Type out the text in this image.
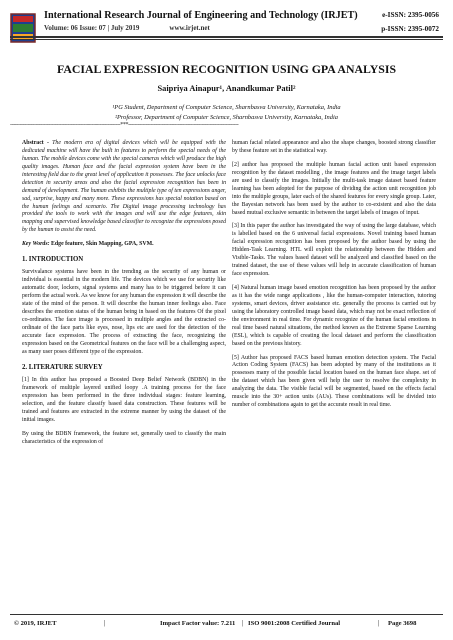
International Research Journal of Engineering and Technology (IRJET)
Volume: 06 Issue: 07 | July 2019	www.irjet.net
e-ISSN: 2395-0056
p-ISSN: 2395-0072
FACIAL EXPRESSION RECOGNITION USING GPA ANALYSIS
Saipriya Ainapur¹, Anandkumar Patil²
¹PG Student, Department of Computer Science, Sharnbasva University, Karnataka, India
²Professor, Department of Computer Science, Sharnbasva University, Karnataka, India
---------------------------------------------------------------------***---------------------------------------------------------------------

Abstract - The modern era of digital devices which will be equipped with the dedicated machine will have the built in features to perform the special needs of the human. The mobile devices come with the special cameras which will produce the high quality images. Human face and the facial expression system have been in the interesting field due to the great level of application it possesses. The face unlocks face detection in security areas and also the facial expression recognition has been in demand of development. The human exhibits the multiple type of ten expressions anger, sad, surprise, happy and many more. These expressions has special notation based on the human feelings and scenario. The Digital image processing technology has provided the tools to work with the images and will use the edge features, skin mapping and supervised knowledge based classifier to recognize the expressions posed by the human to assist the need.

Key Words: Edge feature, Skin Mapping, GPA, SVM.

1. INTRODUCTION

Survivalance systems have been in the trending as the security of any human or individual is essential in the modern life. The devices which we use for security like automatic door, lockers, signal systems and many has to be triggered before it can perform the actual work. As we know for any human the expression it will describe the state of the mind of the person. It will describe the human inner feelings also. Face describes the emotion status of the human being in based on the features Of the pixel co-ordinates. The face image is processed in multiple angles and the extracted co-ordinate of the face parts like eyes, nose, lips etc are used for the detection of the accurate face expression. The process of extracting the face, recognizing the expression based on the Geometrical features on the face will be a challenging aspect, as many user poses different type of the expression.

2. LITERATURE SURVEY

[1] In this author has proposed a Boosted Deep Belief Network (BDBN) in the framework of multiple layered unified loopy .A training process for the face expression has been performed in the three individual stages: feature learning, selection, and the feature classify based data construction. These features will be trained and features are extracted in the extreme manner by using the dataset of the initial images.

By using the BDBN framework, the feature set, generally used to classify the main characteristics of the expression of

human facial related appearance and also the shape changes, boosted strong classifier by these feature set in the statistical way.

[2] author has proposed the multiple human facial action unit based expression recognition by the dataset modelling , the image features and the image target labels are used to classify the images. Initially the multi-task image dataset based feature learning has been adopted for the purpose of dividing the action unit recognition job into the multiple groups, later each of the shared features for every single group. Later, the Bayesian network has been used by the author to co-existent and also the data based mutual exclusive semantic in between the target labels of images of input.

[3] In this paper the author has investigated the way of using the large database, which is labelled based on the 6 universal facial expressions. Novel training based human facial expression recognition has been proposed by the author based by using the Hidden-Task Learning. HTL will exploit the relationship between the Hidden and Visible-Tasks. The values based dataset will be analyzed and classified based on the trained dataset, the use of these values will help in accurate classification of human face expression.

[4] Natural human image based emotion recognition has been proposed by the author as it has the wide range applications , like the human-computer interaction, tutoring systems, smart devices, driver assistance etc. generally the process is carried out by using the laboratory controlled image based data, which may not be exact reflection of the environment in real time. For dynamic recognize of the human facial emotions in real time based natural situations, the method known as the Extreme Sparse Learning (ESL), which is capable of creating the local dataset and perform the classification based on the previous history.

[5] Author has proposed FACS based human emotion detection system. The Facial Action Coding System (FACS) has been adopted by many of the institutions as it possesses many of the possible facial location based on the human face shape. set of the dataset which has been given will help the user to resolve the complexity in analyzing the data. The visible facial will be segmented, based on the effects facial muscle into the 30+ action units (AUs). These combinations will be divided into number of combinations again to get the accurate result in real time.

© 2019, IRJET	|	Impact Factor value: 7.211 | ISO 9001:2008 Certified Journal	| Page 3698
